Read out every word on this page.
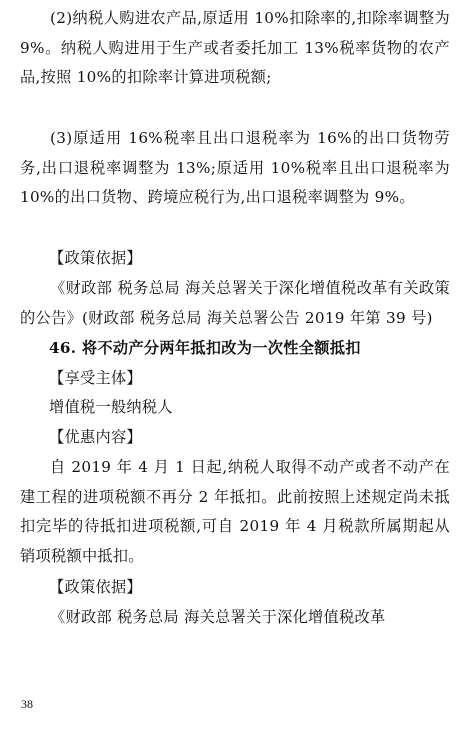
(2)纳税人购进农产品,原适用 10%扣除率的,扣除率调整为 9%。纳税人购进用于生产或者委托加工 13%税率货物的农产品,按照 10%的扣除率计算进项税额;

(3)原适用 16%税率且出口退税率为 16%的出口货物劳务,出口退税率调整为 13%;原适用 10%税率且出口退税率为 10%的出口货物、跨境应税行为,出口退税率调整为 9%。

【政策依据】

《财政部 税务总局 海关总署关于深化增值税改革有关政策的公告》(财政部 税务总局 海关总署公告 2019 年第 39 号)

46. 将不动产分两年抵扣改为一次性全额抵扣

【享受主体】

增值税一般纳税人

【优惠内容】

自 2019 年 4 月 1 日起,纳税人取得不动产或者不动产在建工程的进项税额不再分 2 年抵扣。此前按照上述规定尚未抵扣完毕的待抵扣进项税额,可自 2019 年 4 月税款所属期起从销项税额中抵扣。

【政策依据】

《财政部 税务总局 海关总署关于深化增值税改革

38
